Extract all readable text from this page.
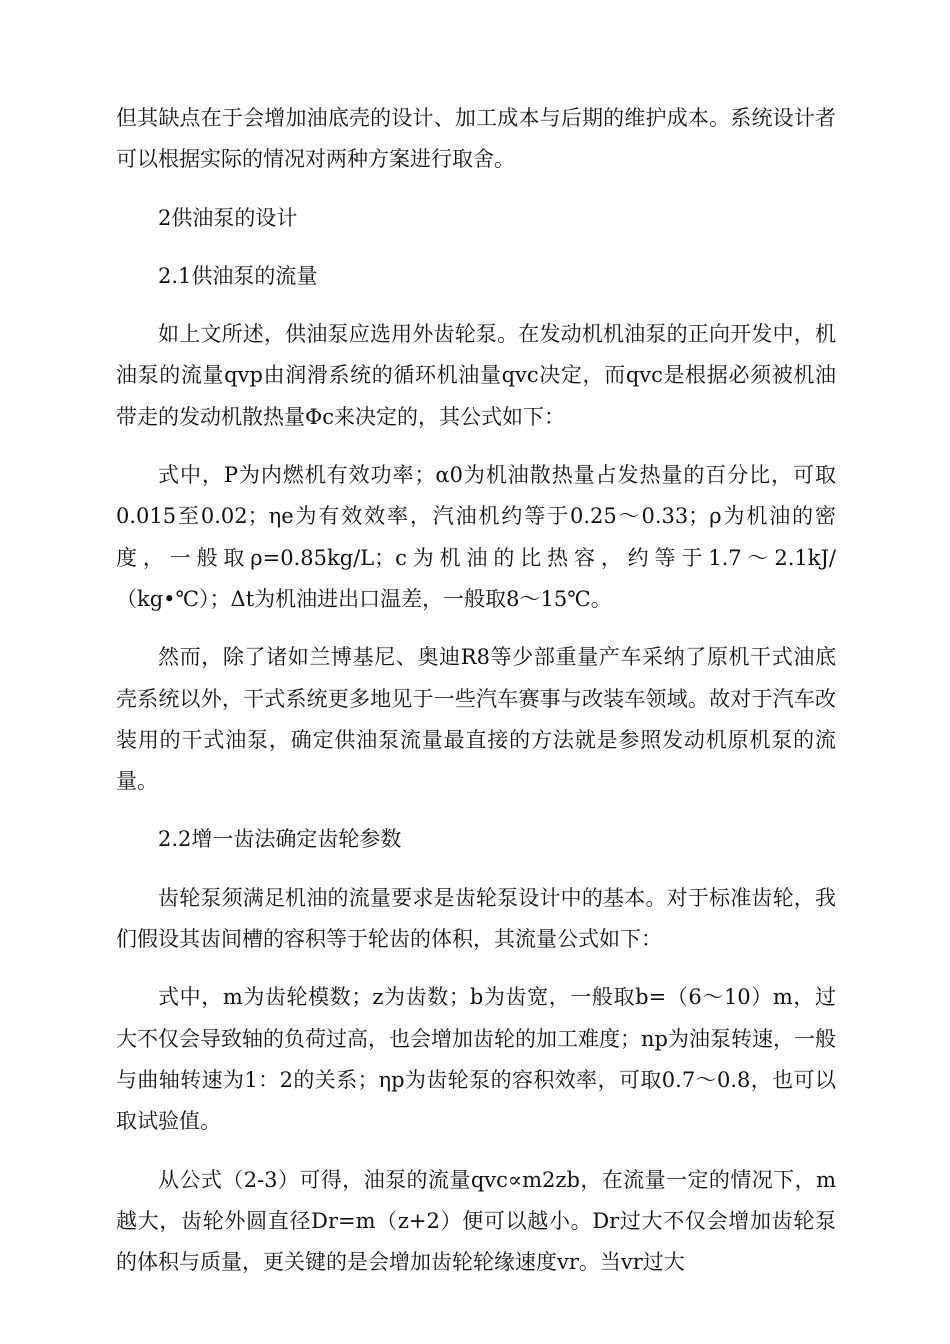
但其缺点在于会增加油底壳的设计、加工成本与后期的维护成本。系统设计者可以根据实际的情况对两种方案进行取舍。

2供油泵的设计

2.1供油泵的流量

如上文所述，供油泵应选用外齿轮泵。在发动机机油泵的正向开发中，机油泵的流量qvp由润滑系统的循环机油量qvc决定，而qvc是根据必须被机油带走的发动机散热量Φc来决定的，其公式如下：

式中，P为内燃机有效功率；α0为机油散热量占发热量的百分比，可取0.015至0.02；ηe为有效效率，汽油机约等于0.25～0.33；ρ为机油的密度，一般取ρ=0.85kg/L；c为机油的比热容，约等于1.7～2.1kJ/（kg•℃）；Δt为机油进出口温差，一般取8～15℃。

然而，除了诸如兰博基尼、奥迪R8等少部重量产车采纳了原机干式油底壳系统以外，干式系统更多地见于一些汽车赛事与改装车领域。故对于汽车改装用的干式油泵，确定供油泵流量最直接的方法就是参照发动机原机泵的流量。

2.2增一齿法确定齿轮参数

齿轮泵须满足机油的流量要求是齿轮泵设计中的基本。对于标准齿轮，我们假设其齿间槽的容积等于轮齿的体积，其流量公式如下：

式中，m为齿轮模数；z为齿数；b为齿宽，一般取b=（6～10）m，过大不仅会导致轴的负荷过高，也会增加齿轮的加工难度；np为油泵转速，一般与曲轴转速为1：2的关系；ηp为齿轮泵的容积效率，可取0.7～0.8，也可以取试验值。

从公式（2-3）可得，油泵的流量qvc∝m2zb，在流量一定的情况下，m越大，齿轮外圆直径Dr=m（z+2）便可以越小。Dr过大不仅会增加齿轮泵的体积与质量，更关键的是会增加齿轮轮缘速度vr。当vr过大
